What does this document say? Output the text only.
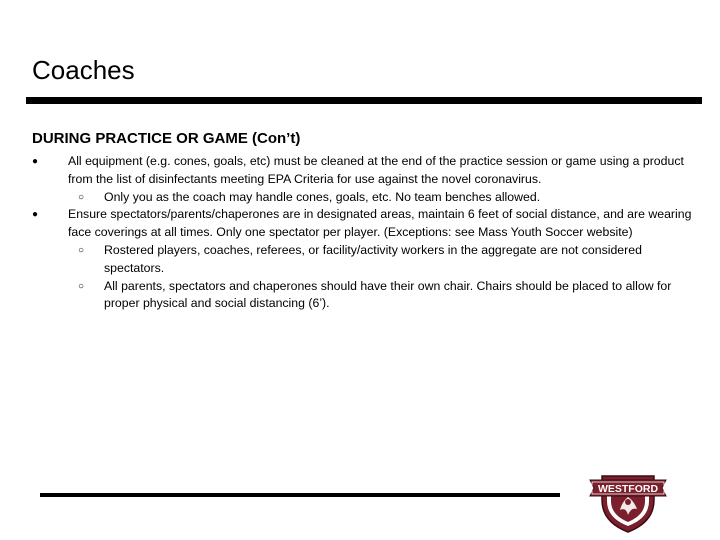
Coaches

DURING PRACTICE OR GAME (Con’t)

●	All equipment (e.g. cones, goals, etc) must be cleaned at the end of the practice session or game using a product from the list of disinfectants meeting EPA Criteria for use against the novel coronavirus.
○	Only you as the coach may handle cones, goals, etc. No team benches allowed.
●	Ensure spectators/parents/chaperones are in designated areas, maintain 6 feet of social distance, and are wearing face coverings at all times. Only one spectator per player. (Exceptions: see Mass Youth Soccer website)
○	Rostered players, coaches, referees, or facility/activity workers in the aggregate are not considered spectators.
○	All parents, spectators and chaperones should have their own chair. Chairs should be placed to allow for proper physical and social distancing (6’).
WESTFORD
